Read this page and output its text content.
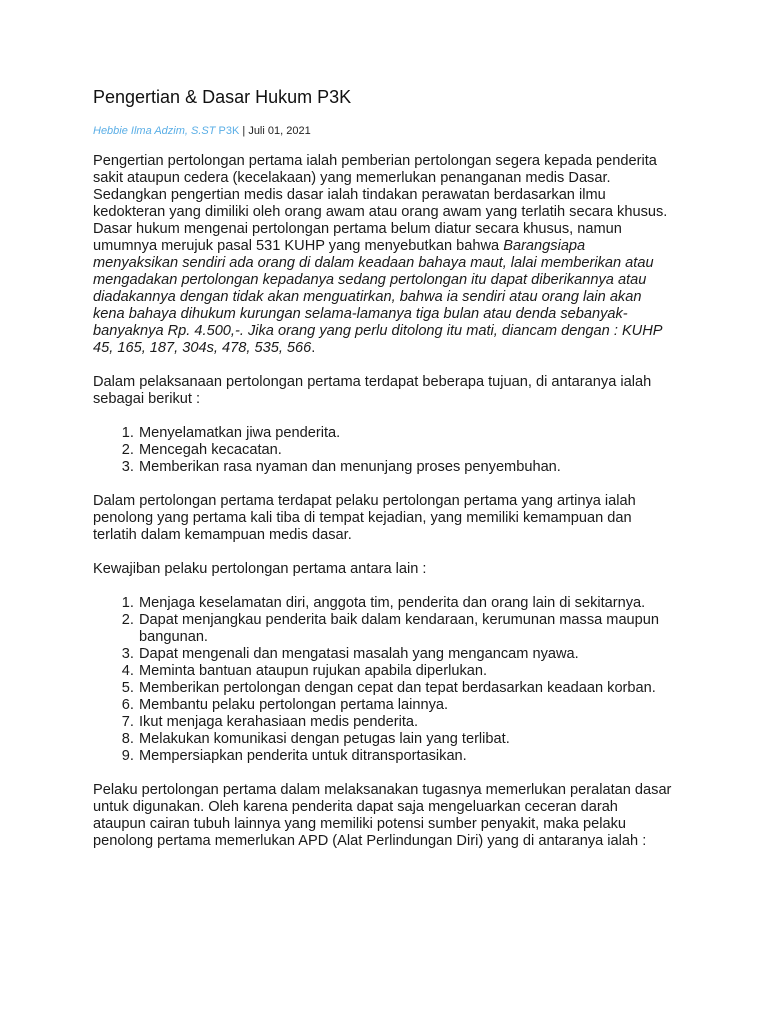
Pengertian & Dasar Hukum P3K
Hebbie Ilma Adzim, S.ST P3K | Juli 01, 2021

Pengertian pertolongan pertama ialah pemberian pertolongan segera kepada penderita sakit ataupun cedera (kecelakaan) yang memerlukan penanganan medis Dasar. Sedangkan pengertian medis dasar ialah tindakan perawatan berdasarkan ilmu kedokteran yang dimiliki oleh orang awam atau orang awam yang terlatih secara khusus. Dasar hukum mengenai pertolongan pertama belum diatur secara khusus, namun umumnya merujuk pasal 531 KUHP yang menyebutkan bahwa Barangsiapa menyaksikan sendiri ada orang di dalam keadaan bahaya maut, lalai memberikan atau mengadakan pertolongan kepadanya sedang pertolongan itu dapat diberikannya atau diadakannya dengan tidak akan menguatirkan, bahwa ia sendiri atau orang lain akan kena bahaya dihukum kurungan selama-lamanya tiga bulan atau denda sebanyak-banyaknya Rp. 4.500,-. Jika orang yang perlu ditolong itu mati, diancam dengan : KUHP 45, 165, 187, 304s, 478, 535, 566.

Dalam pelaksanaan pertolongan pertama terdapat beberapa tujuan, di antaranya ialah sebagai berikut :

1. Menyelamatkan jiwa penderita.
2. Mencegah kecacatan.
3. Memberikan rasa nyaman dan menunjang proses penyembuhan.

Dalam pertolongan pertama terdapat pelaku pertolongan pertama yang artinya ialah penolong yang pertama kali tiba di tempat kejadian, yang memiliki kemampuan dan terlatih dalam kemampuan medis dasar.

Kewajiban pelaku pertolongan pertama antara lain :

1. Menjaga keselamatan diri, anggota tim, penderita dan orang lain di sekitarnya.
2. Dapat menjangkau penderita baik dalam kendaraan, kerumunan massa maupun bangunan.
3. Dapat mengenali dan mengatasi masalah yang mengancam nyawa.
4. Meminta bantuan ataupun rujukan apabila diperlukan.
5. Memberikan pertolongan dengan cepat dan tepat berdasarkan keadaan korban.
6. Membantu pelaku pertolongan pertama lainnya.
7. Ikut menjaga kerahasiaan medis penderita.
8. Melakukan komunikasi dengan petugas lain yang terlibat.
9. Mempersiapkan penderita untuk ditransportasikan.

Pelaku pertolongan pertama dalam melaksanakan tugasnya memerlukan peralatan dasar untuk digunakan. Oleh karena penderita dapat saja mengeluarkan ceceran darah ataupun cairan tubuh lainnya yang memiliki potensi sumber penyakit, maka pelaku penolong pertama memerlukan APD (Alat Perlindungan Diri) yang di antaranya ialah :
